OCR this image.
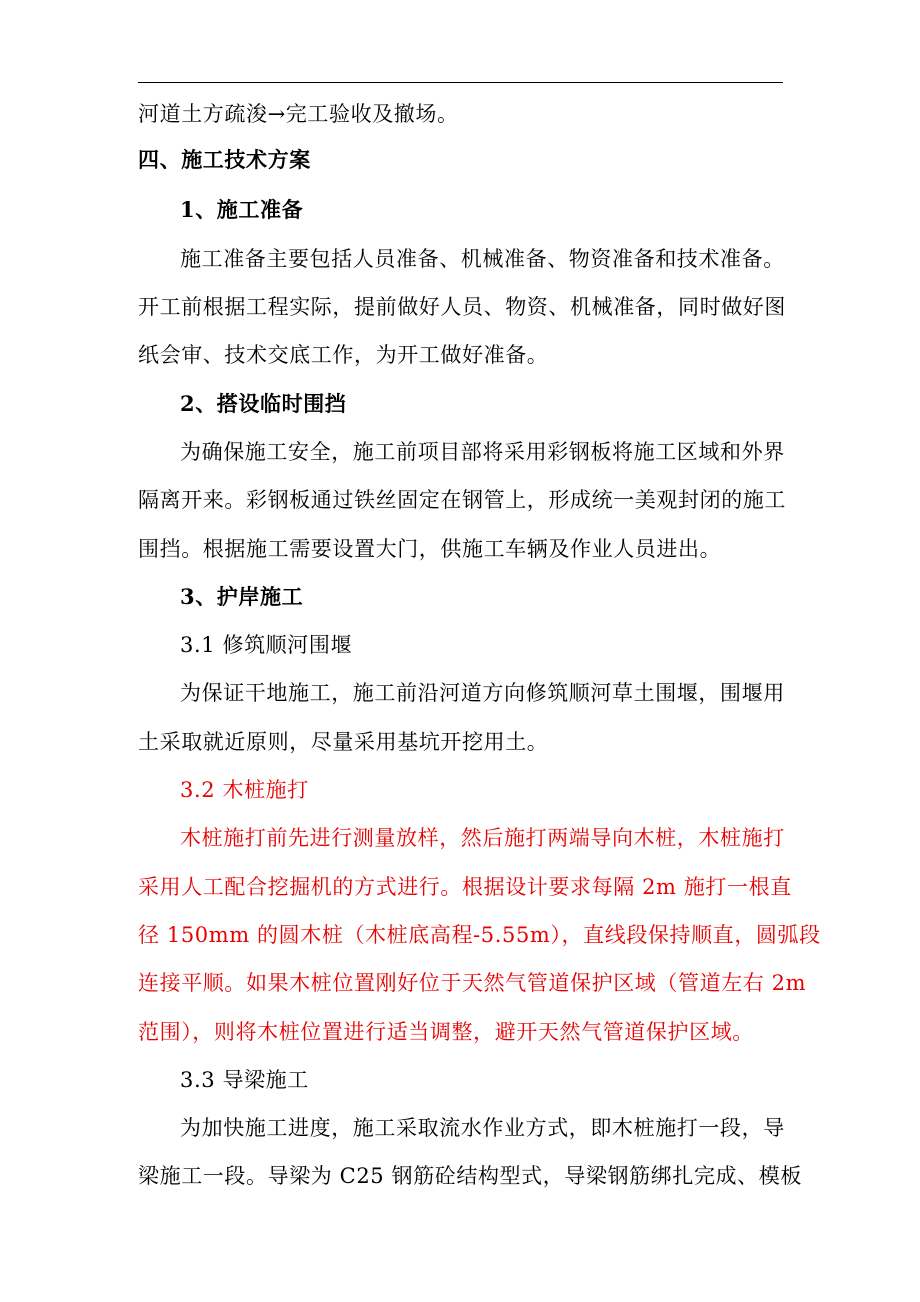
河道土方疏浚→完工验收及撤场。
四、施工技术方案
1、施工准备
施工准备主要包括人员准备、机械准备、物资准备和技术准备。
开工前根据工程实际，提前做好人员、物资、机械准备，同时做好图
纸会审、技术交底工作，为开工做好准备。
2、搭设临时围挡
为确保施工安全，施工前项目部将采用彩钢板将施工区域和外界
隔离开来。彩钢板通过铁丝固定在钢管上，形成统一美观封闭的施工
围挡。根据施工需要设置大门，供施工车辆及作业人员进出。
3、护岸施工
3.1 修筑顺河围堰
为保证干地施工，施工前沿河道方向修筑顺河草土围堰，围堰用
土采取就近原则，尽量采用基坑开挖用土。
3.2 木桩施打
木桩施打前先进行测量放样，然后施打两端导向木桩，木桩施打
采用人工配合挖掘机的方式进行。根据设计要求每隔 2m 施打一根直
径 150mm 的圆木桩（木桩底高程-5.55m），直线段保持顺直，圆弧段
连接平顺。如果木桩位置刚好位于天然气管道保护区域（管道左右 2m
范围），则将木桩位置进行适当调整，避开天然气管道保护区域。
3.3 导梁施工
为加快施工进度，施工采取流水作业方式，即木桩施打一段，导
梁施工一段。导梁为 C25 钢筋砼结构型式，导梁钢筋绑扎完成、模板
